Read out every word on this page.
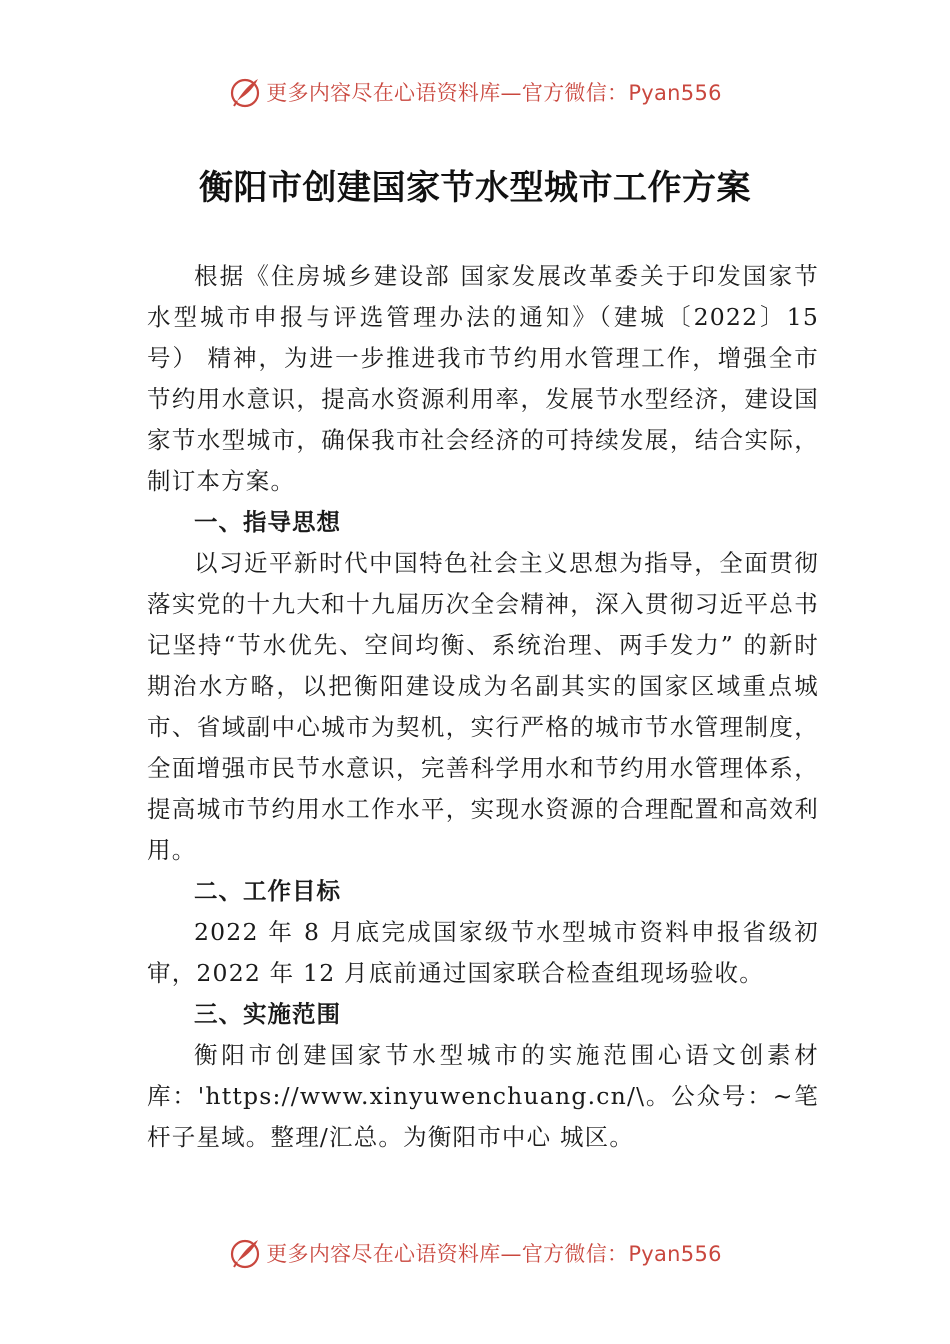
更多内容尽在心语资料库—官方微信：Pyan556
衡阳市创建国家节水型城市工作方案

根据《住房城乡建设部 国家发展改革委关于印发国家节水型城市申报与评选管理办法的通知》（建城〔2022〕15号） 精神，为进一步推进我市节约用水管理工作，增强全市节约用水意识，提高水资源利用率，发展节水型经济，建设国家节水型城市，确保我市社会经济的可持续发展，结合实际， 制订本方案。

一、指导思想

以习近平新时代中国特色社会主义思想为指导，全面贯彻落实党的十九大和十九届历次全会精神，深入贯彻习近平总书记坚持“节水优先、空间均衡、系统治理、两手发力” 的新时期治水方略，以把衡阳建设成为名副其实的国家区域重点城市、省域副中心城市为契机，实行严格的城市节水管理制度，全面增强市民节水意识，完善科学用水和节约用水管理体系，提高城市节约用水工作水平，实现水资源的合理配置和高效利用。

二、工作目标

2022 年 8 月底完成国家级节水型城市资料申报省级初审，2022 年 12 月底前通过国家联合检查组现场验收。

三、实施范围

衡阳市创建国家节水型城市的实施范围心语文创素材库：'https://www.xinyuwenchuang.cn/\。公众号：~笔杆子星域。整理/汇总。为衡阳市中心 城区。

更多内容尽在心语资料库—官方微信：Pyan556
